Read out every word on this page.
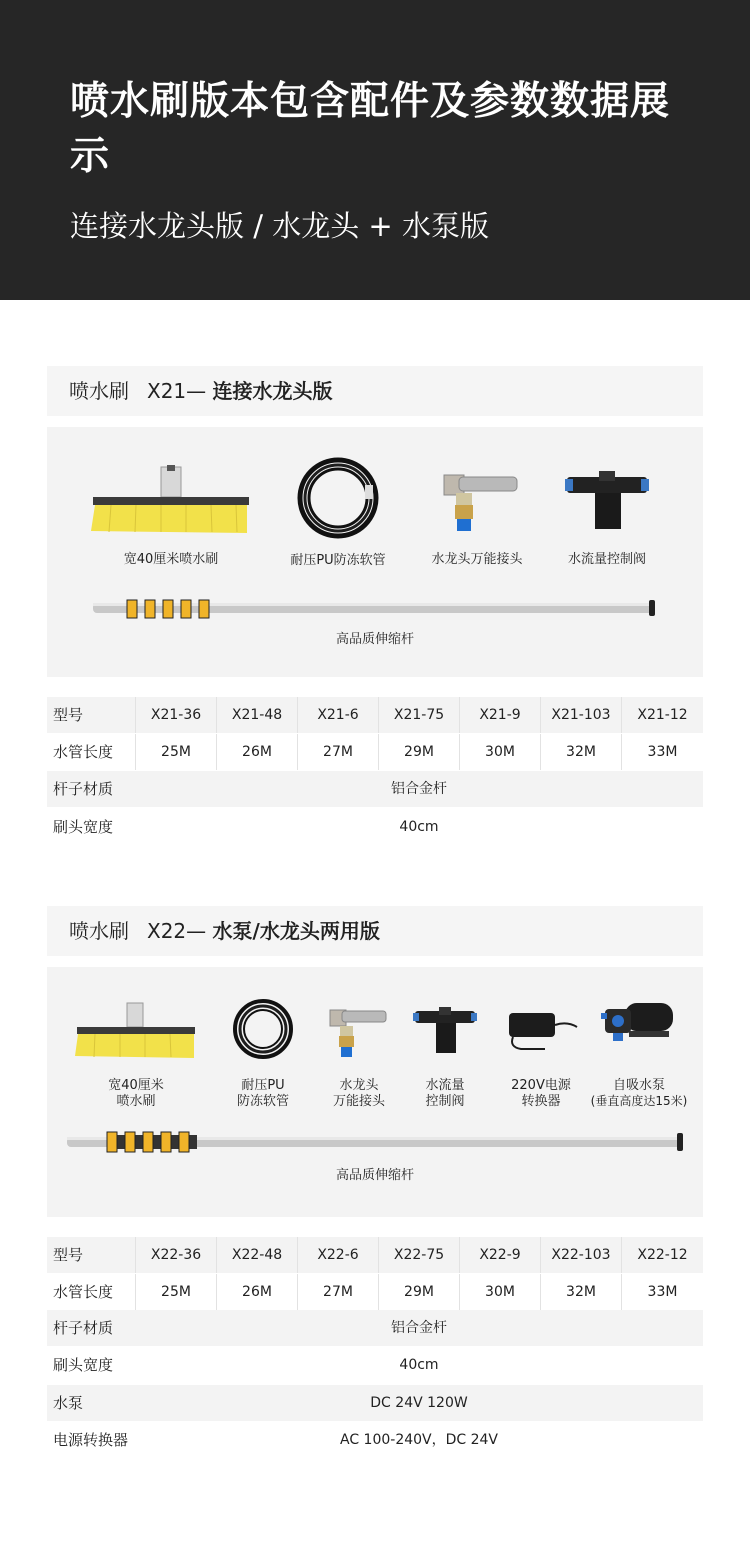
喷水刷版本包含配件及参数数据展示
连接水龙头版 / 水龙头 + 水泵版
喷水刷 X21— 连接水龙头版
宽40厘米喷水刷	耐压PU防冻软管	水龙头万能接头	水流量控制阀
高品质伸缩杆
型号	X21-36	X21-48	X21-6	X21-75	X21-9	X21-103	X21-12
水管长度	25M	26M	27M	29M	30M	32M	33M
杆子材质	铝合金杆
刷头宽度	40cm
喷水刷 X22— 水泵/水龙头两用版
宽40厘米
喷水刷
耐压PU
防冻软管
水龙头
万能接头
水流量
控制阀
220V电源
转换器
自吸水泵
(垂直高度达15米)
高品质伸缩杆
型号	X22-36	X22-48	X22-6	X22-75	X22-9	X22-103	X22-12
水管长度	25M	26M	27M	29M	30M	32M	33M
杆子材质	铝合金杆
刷头宽度	40cm
水泵	DC 24V 120W
电源转换器	AC 100-240V，DC 24V
